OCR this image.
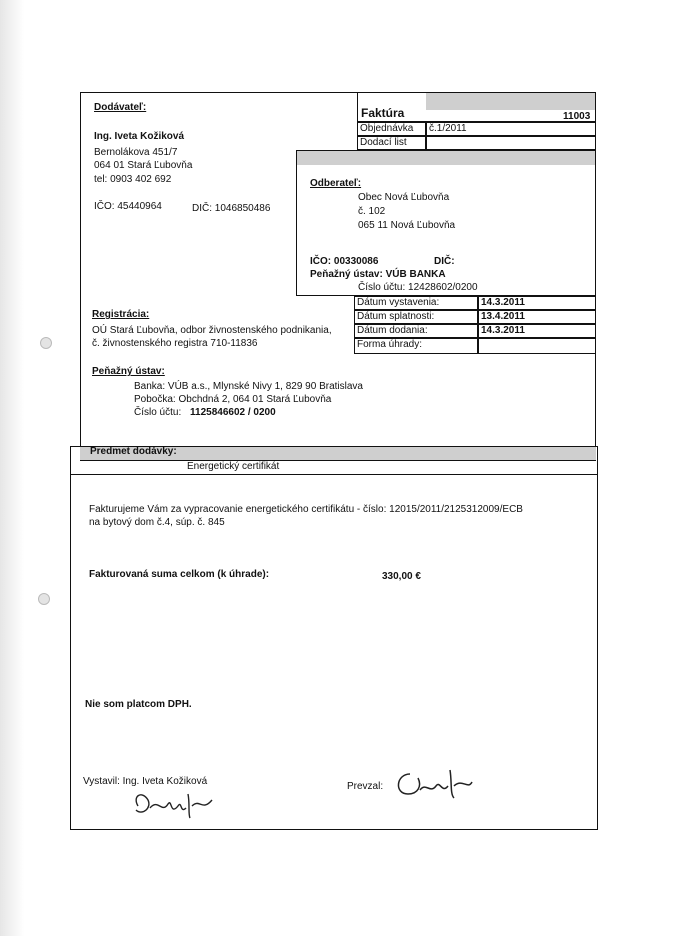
Dodávateľ:
Ing. Iveta Kožiková
Bernolákova 451/7
064 01 Stará Ľubovňa
tel: 0903 402 692
IČO: 45440964	DIČ: 1046850486
Faktúra	11003
Objednávka	č.1/2011
Dodací list
Odberateľ:
Obec Nová Ľubovňa
č. 102
065 11 Nová Ľubovňa
IČO: 00330086	DIČ:
Peňažný ústav: VÚB BANKA
Číslo účtu: 12428602/0200
Dátum vystavenia:	14.3.2011
Dátum splatnosti:	13.4.2011
Dátum dodania:	14.3.2011
Forma úhrady:
Registrácia:
OÚ Stará Ľubovňa, odbor živnostenského podnikania,
č. živnostenského registra 710-11836
Peňažný ústav:
Banka: VÚB a.s., Mlynské Nivy 1, 829 90 Bratislava
Pobočka: Obchdná 2, 064 01 Stará Ľubovňa
Číslo účtu: 1125846602 / 0200
Predmet dodávky:
Energetický certifikát
Fakturujeme Vám za vypracovanie energetického certifikátu - číslo: 12015/2011/2125312009/ECB
na bytový dom č.4, súp. č. 845
Fakturovaná suma celkom (k úhrade):	330,00 €
Nie som platcom DPH.
Vystavil: Ing. Iveta Kožiková	Prevzal:
